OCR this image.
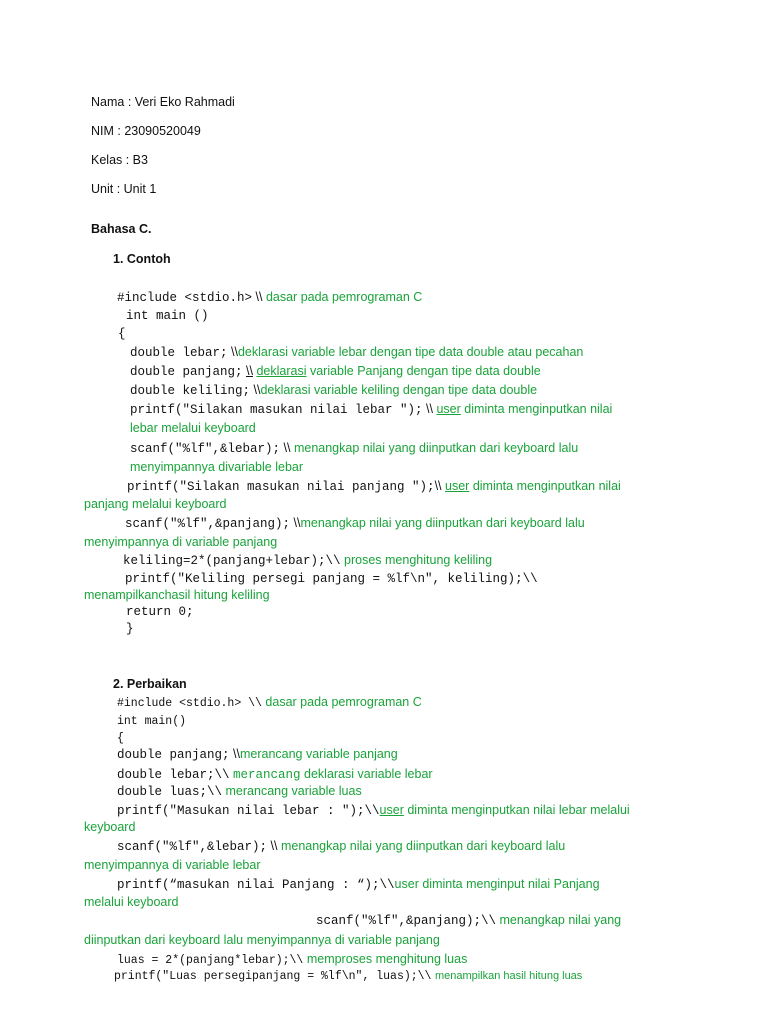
Nama : Veri Eko Rahmadi
NIM : 23090520049
Kelas : B3
Unit : Unit 1
Bahasa C.
1. Contoh
#include <stdio.h> \\ dasar pada pemrograman C
int main ()
{
double lebar; \\deklarasi variable lebar dengan tipe data double atau pecahan
double panjang; \\ deklarasi variable Panjang dengan tipe data double
double keliling; \\deklarasi variable keliling dengan tipe data double
printf("Silakan masukan nilai lebar "); \\ user diminta menginputkan nilai
lebar melalui keyboard
scanf("%lf",&lebar); \\ menangkap nilai yang diinputkan dari keyboard lalu
menyimpannya divariable lebar
printf("Silakan masukan nilai panjang ");\\ user diminta menginputkan nilai
panjang melalui keyboard
scanf("%lf",&panjang); \\menangkap nilai yang diinputkan dari keyboard lalu
menyimpannya di variable panjang
keliling=2*(panjang+lebar);\\ proses menghitung keliling
printf("Keliling persegi panjang = %lf\n", keliling);\\
menampilkanchasil hitung keliling
return 0;
}
2. Perbaikan
#include <stdio.h> \\ dasar pada pemrograman C
int main()
{
double panjang; \\merancang variable panjang
double lebar;\\ merancang deklarasi variable lebar
double luas;\\ merancang variable luas
printf("Masukan nilai lebar : ");\\user diminta menginputkan nilai lebar melalui
keyboard
scanf("%lf",&lebar); \\ menangkap nilai yang diinputkan dari keyboard lalu
menyimpannya di variable lebar
printf(“masukan nilai Panjang : “);\\user diminta menginput nilai Panjang
melalui keyboard
scanf("%lf",&panjang);\\ menangkap nilai yang
diinputkan dari keyboard lalu menyimpannya di variable panjang
luas = 2*(panjang*lebar);\\ memproses menghitung luas
printf("Luas persegipanjang = %lf\n", luas);\\ menampilkan hasil hitung luas
